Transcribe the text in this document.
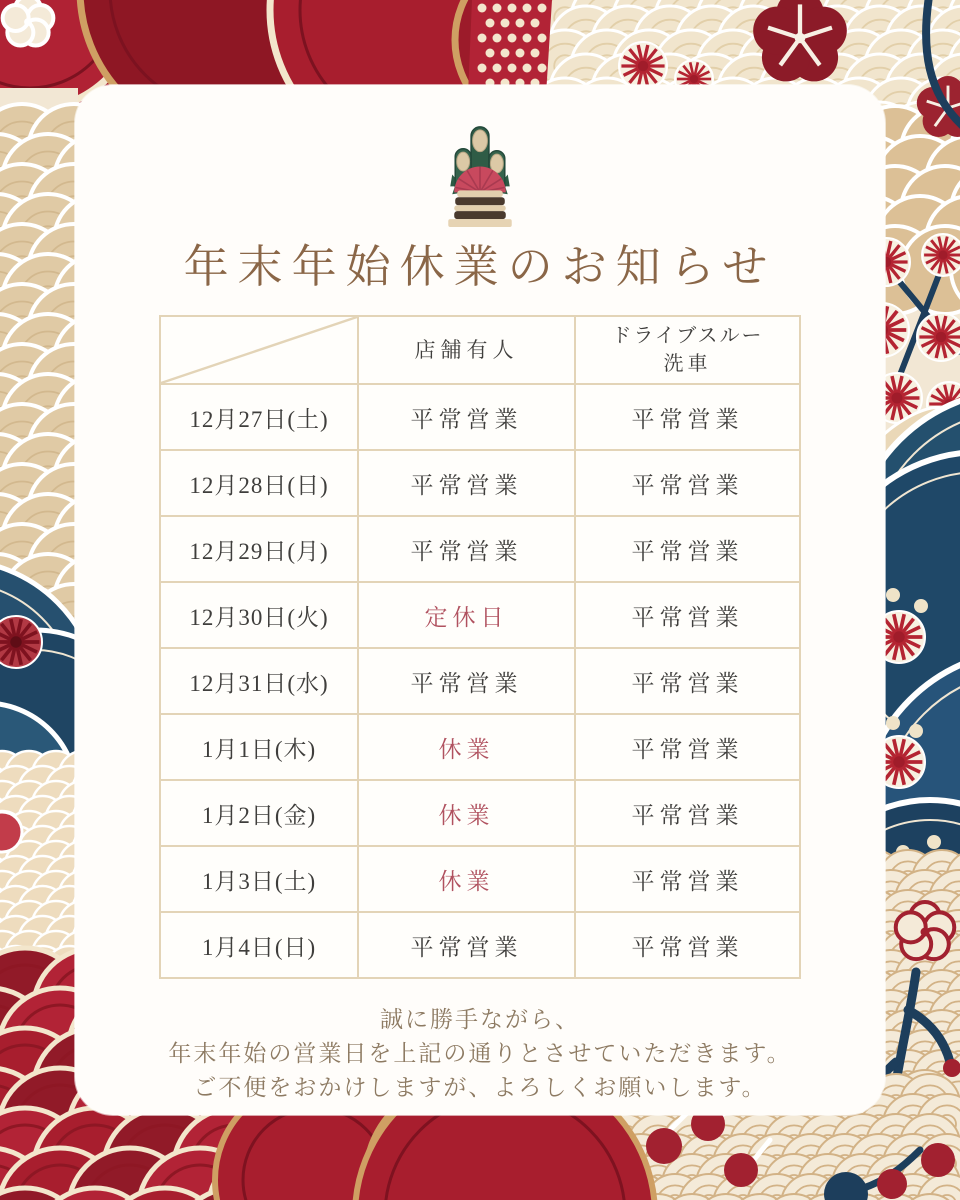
年末年始休業のお知らせ
	店舗有人	ドライブスルー
洗車

12月27日(土)	平常営業	平常営業
12月28日(日)	平常営業	平常営業
12月29日(月)	平常営業	平常営業
12月30日(火)	定休日	平常営業
12月31日(水)	平常営業	平常営業
1月1日(木)	休業	平常営業
1月2日(金)	休業	平常営業
1月3日(土)	休業	平常営業
1月4日(日)	平常営業	平常営業
誠に勝手ながら、
年末年始の営業日を上記の通りとさせていただきます。
ご不便をおかけしますが、よろしくお願いします。
